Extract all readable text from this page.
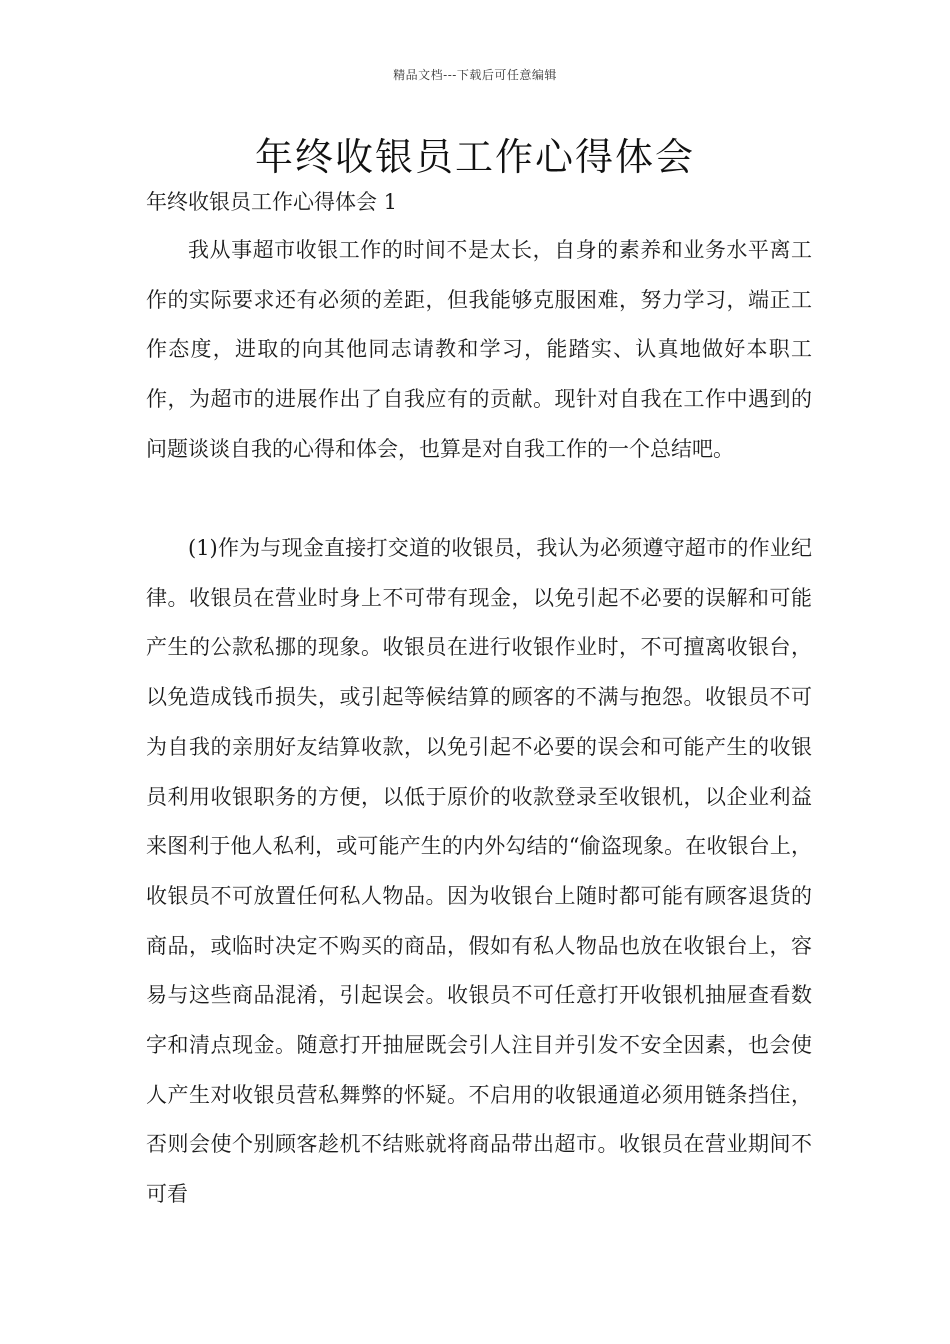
精品文档---下载后可任意编辑
年终收银员工作心得体会
年终收银员工作心得体会 1

我从事超市收银工作的时间不是太长，自身的素养和业务水平离工作的实际要求还有必须的差距，但我能够克服困难，努力学习，端正工作态度，进取的向其他同志请教和学习，能踏实、认真地做好本职工作，为超市的进展作出了自我应有的贡献。现针对自我在工作中遇到的问题谈谈自我的心得和体会，也算是对自我工作的一个总结吧。

(1)作为与现金直接打交道的收银员，我认为必须遵守超市的作业纪律。收银员在营业时身上不可带有现金，以免引起不必要的误解和可能产生的公款私挪的现象。收银员在进行收银作业时，不可擅离收银台，以免造成钱币损失，或引起等候结算的顾客的不满与抱怨。收银员不可为自我的亲朋好友结算收款，以免引起不必要的误会和可能产生的收银员利用收银职务的方便，以低于原价的收款登录至收银机，以企业利益来图利于他人私利，或可能产生的内外勾结的“偷盗现象。在收银台上，收银员不可放置任何私人物品。因为收银台上随时都可能有顾客退货的商品，或临时决定不购买的商品，假如有私人物品也放在收银台上，容易与这些商品混淆，引起误会。收银员不可任意打开收银机抽屉查看数字和清点现金。随意打开抽屉既会引人注目并引发不安全因素，也会使人产生对收银员营私舞弊的怀疑。不启用的收银通道必须用链条挡住，否则会使个别顾客趁机不结账就将商品带出超市。收银员在营业期间不可看
